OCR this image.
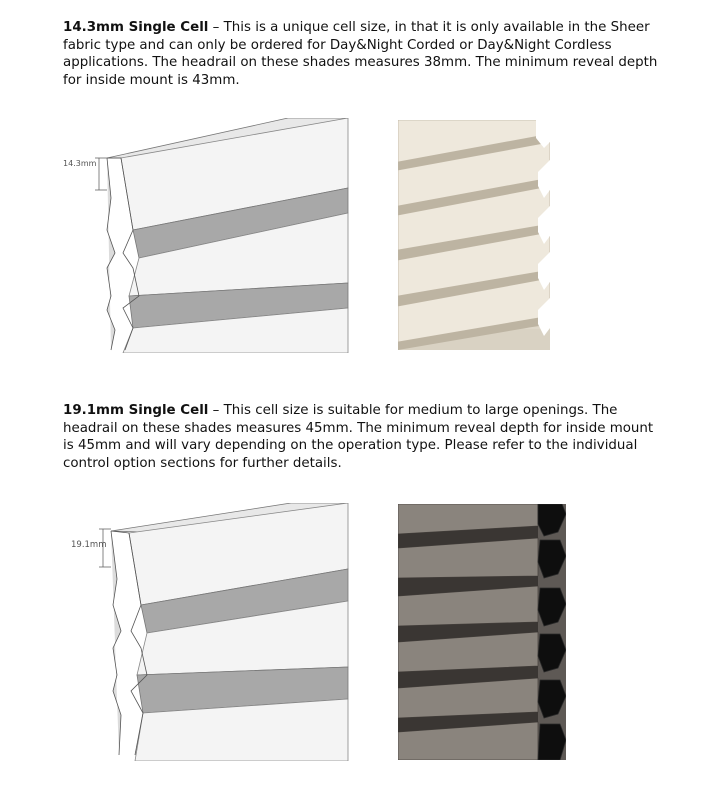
14.3mm Single Cell – This is a unique cell size, in that it is only available in the Sheer fabric type and can only be ordered for Day&Night Corded or Day&Night Cordless applications. The headrail on these shades measures 38mm. The minimum reveal depth for inside mount is 43mm.
14.3mm
19.1mm Single Cell – This cell size is suitable for medium to large openings. The headrail on these shades measures 45mm. The minimum reveal depth for inside mount is 45mm and will vary depending on the operation type. Please refer to the individual control option sections for further details.
19.1mm
